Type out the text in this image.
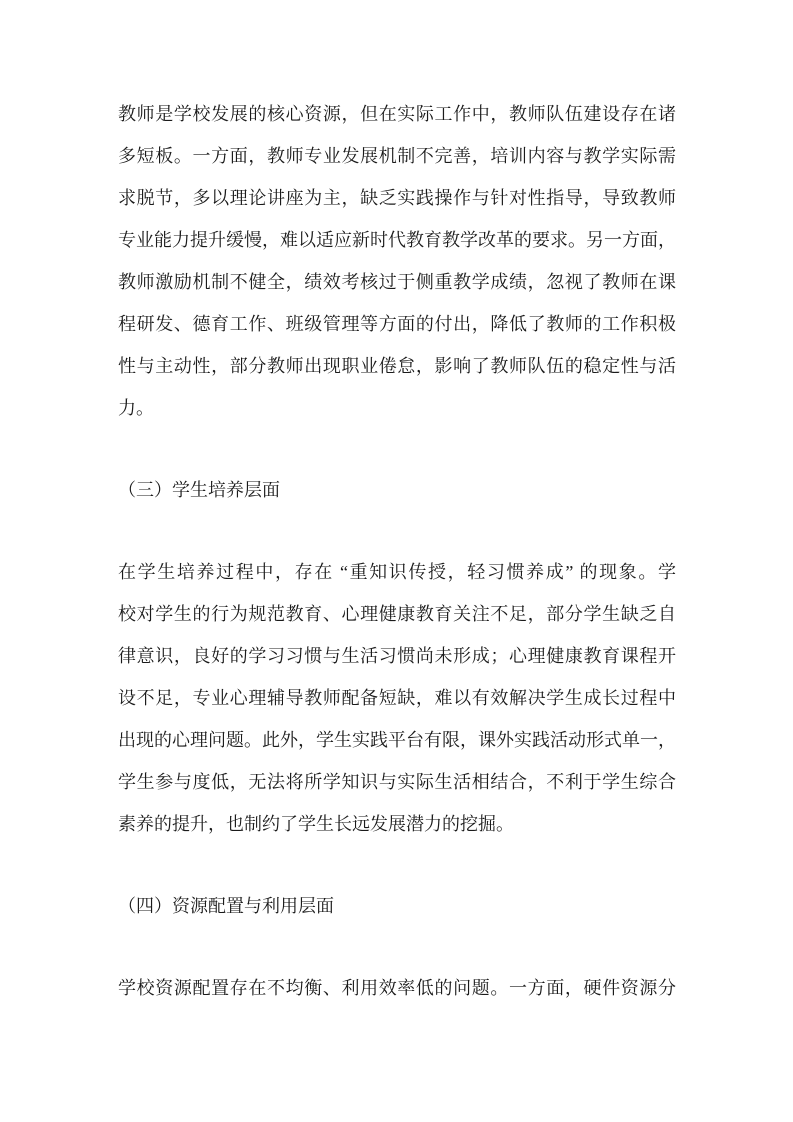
教师是学校发展的核心资源，但在实际工作中，教师队伍建设存在诸
多短板。一方面，教师专业发展机制不完善，培训内容与教学实际需
求脱节，多以理论讲座为主，缺乏实践操作与针对性指导，导致教师
专业能力提升缓慢，难以适应新时代教育教学改革的要求。另一方面，
教师激励机制不健全，绩效考核过于侧重教学成绩，忽视了教师在课
程研发、德育工作、班级管理等方面的付出，降低了教师的工作积极
性与主动性，部分教师出现职业倦怠，影响了教师队伍的稳定性与活
力。

（三）学生培养层面

在学生培养过程中，存在 “重知识传授，轻习惯养成” 的现象。学
校对学生的行为规范教育、心理健康教育关注不足，部分学生缺乏自
律意识，良好的学习习惯与生活习惯尚未形成；心理健康教育课程开
设不足，专业心理辅导教师配备短缺，难以有效解决学生成长过程中
出现的心理问题。此外，学生实践平台有限，课外实践活动形式单一，
学生参与度低，无法将所学知识与实际生活相结合，不利于学生综合
素养的提升，也制约了学生长远发展潜力的挖掘。

（四）资源配置与利用层面

学校资源配置存在不均衡、利用效率低的问题。一方面，硬件资源分
